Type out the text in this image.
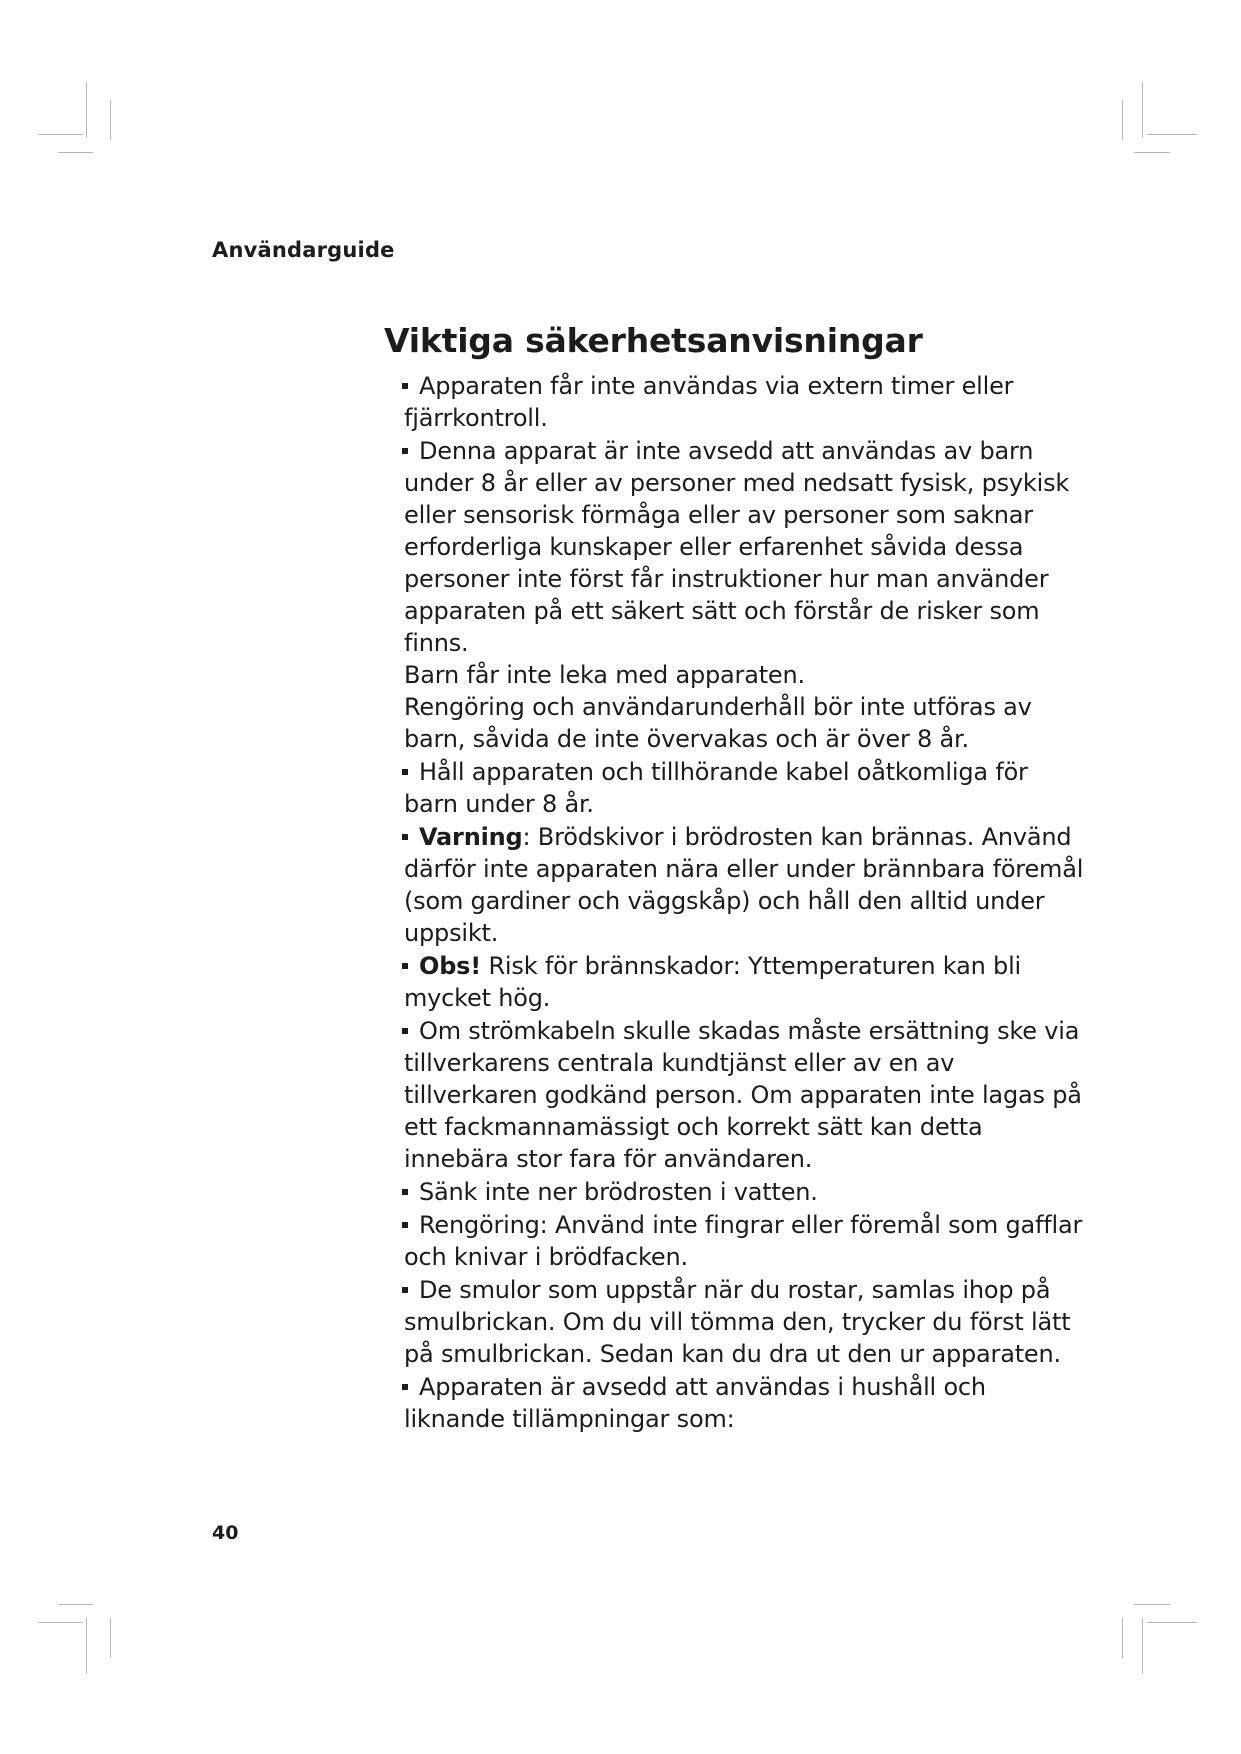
Användarguide
Viktiga säkerhetsanvisningar

Apparaten får inte användas via extern timer eller fjärrkontroll.

Denna apparat är inte avsedd att användas av barn under 8 år eller av personer med nedsatt fysisk, psykisk eller sensorisk förmåga eller av personer som saknar erforderliga kunskaper eller erfarenhet såvida dessa personer inte först får instruktioner hur man använder apparaten på ett säkert sätt och förstår de risker som finns.
Barn får inte leka med apparaten.
Rengöring och användarunderhåll bör inte utföras av barn, såvida de inte övervakas och är över 8 år.

Håll apparaten och tillhörande kabel oåtkomliga för barn under 8 år.

Varning: Brödskivor i brödrosten kan brännas. Använd därför inte apparaten nära eller under brännbara föremål (som gardiner och väggskåp) och håll den alltid under uppsikt.

Obs! Risk för brännskador: Yttemperaturen kan bli mycket hög.

Om strömkabeln skulle skadas måste ersättning ske via tillverkarens centrala kundtjänst eller av en av tillverkaren godkänd person. Om apparaten inte lagas på ett fackmannamässigt och korrekt sätt kan detta innebära stor fara för användaren.

Sänk inte ner brödrosten i vatten.

Rengöring: Använd inte fingrar eller föremål som gafflar och knivar i brödfacken.

De smulor som uppstår när du rostar, samlas ihop på smulbrickan. Om du vill tömma den, trycker du först lätt på smulbrickan. Sedan kan du dra ut den ur apparaten.

Apparaten är avsedd att användas i hushåll och liknande tillämpningar som:

40
